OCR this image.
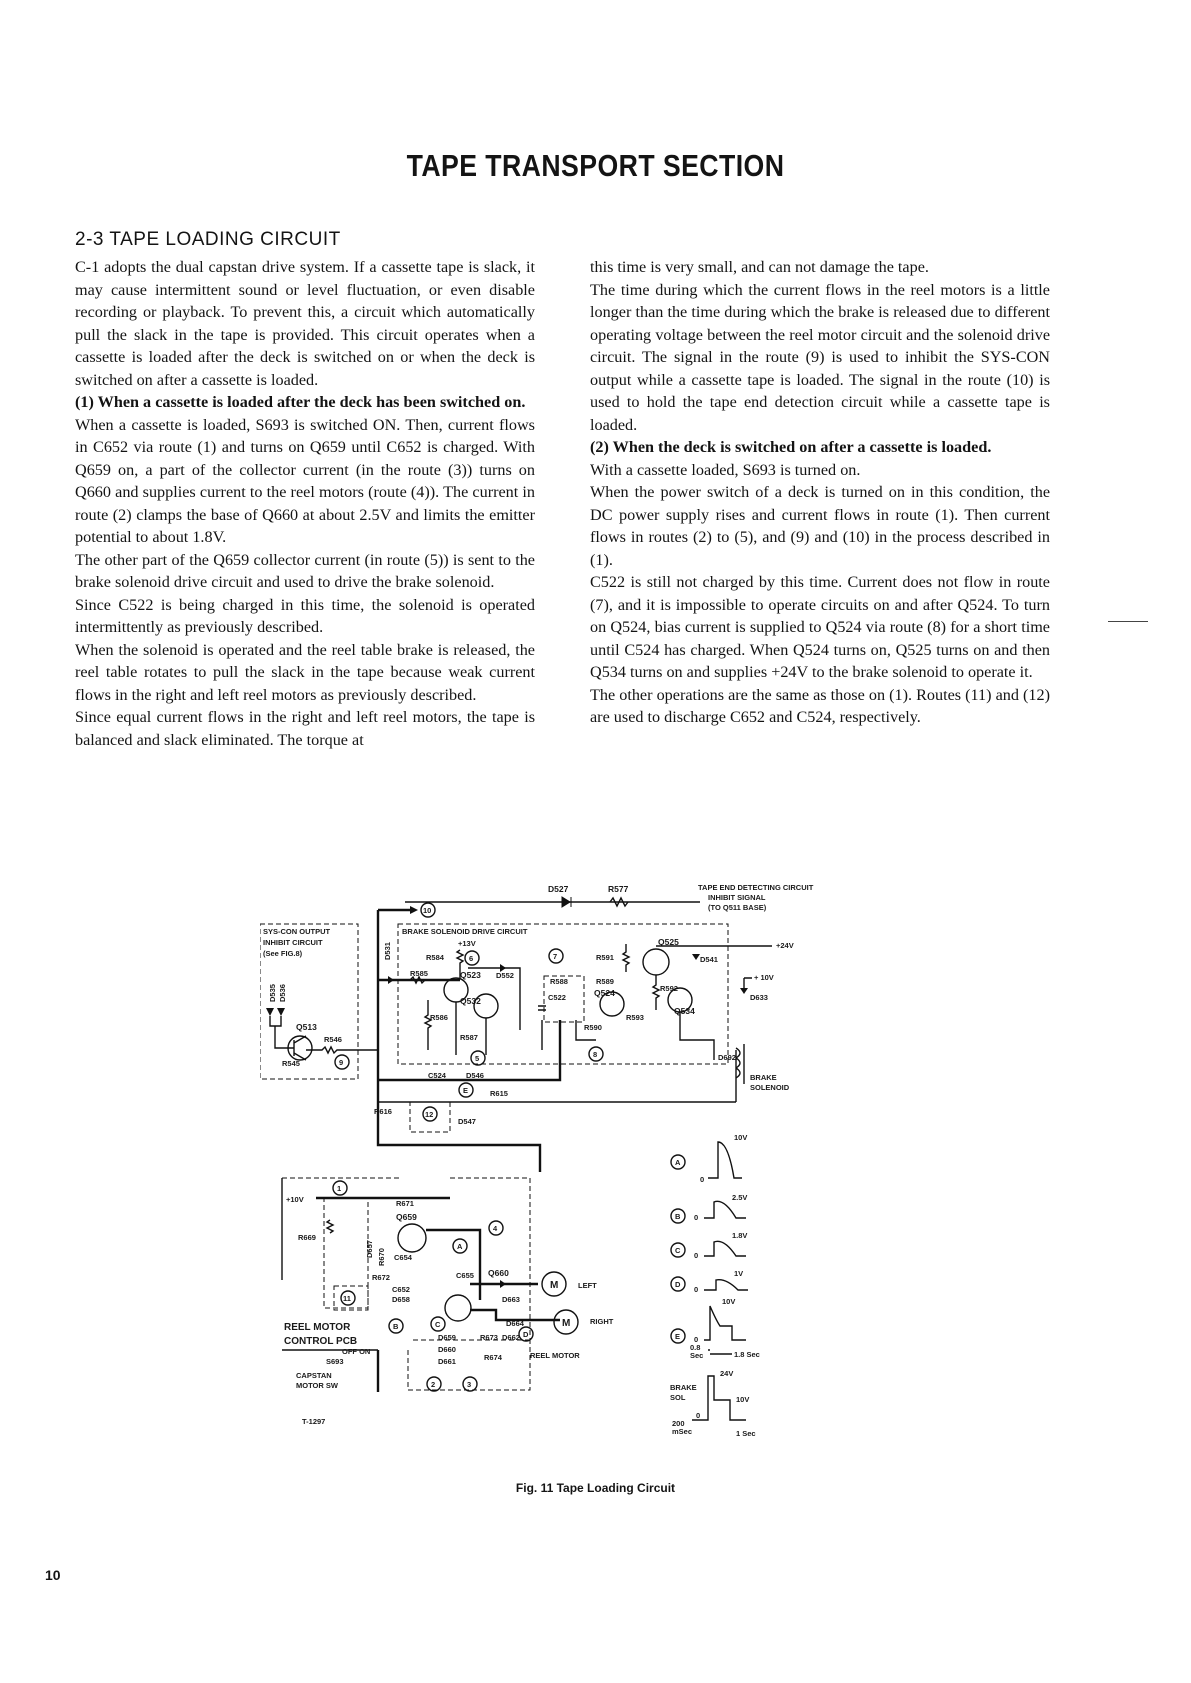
TAPE TRANSPORT SECTION
2-3 TAPE LOADING CIRCUIT

C-1 adopts the dual capstan drive system. If a cassette tape is slack, it may cause intermittent sound or level fluctuation, or even disable recording or playback. To prevent this, a circuit which automatically pull the slack in the tape is provided. This circuit operates when a cassette is loaded after the deck is switched on or when the deck is switched on after a cassette is loaded.

(1) When a cassette is loaded after the deck has been switched on.

When a cassette is loaded, S693 is switched ON. Then, current flows in C652 via route (1) and turns on Q659 until C652 is charged. With Q659 on, a part of the collector current (in the route (3)) turns on Q660 and supplies current to the reel motors (route (4)). The current in route (2) clamps the base of Q660 at about 2.5V and limits the emitter potential to about 1.8V.

The other part of the Q659 collector current (in route (5)) is sent to the brake solenoid drive circuit and used to drive the brake solenoid.

Since C522 is being charged in this time, the solenoid is operated intermittently as previously described.

When the solenoid is operated and the reel table brake is released, the reel table rotates to pull the slack in the tape because weak current flows in the right and left reel motors as previously described.

Since equal current flows in the right and left reel motors, the tape is balanced and slack eliminated. The torque at

this time is very small, and can not damage the tape.

The time during which the current flows in the reel motors is a little longer than the time during which the brake is released due to different operating voltage between the reel motor circuit and the solenoid drive circuit. The signal in the route (9) is used to inhibit the SYS-CON output while a cassette tape is loaded. The signal in the route (10) is used to hold the tape end detection circuit while a cassette tape is loaded.

(2) When the deck is switched on after a cassette is loaded.

With a cassette loaded, S693 is turned on.

When the power switch of a deck is turned on in this condition, the DC power supply rises and current flows in route (1). Then current flows in routes (2) to (5), and (9) and (10) in the process described in (1).

C522 is still not charged by this time. Current does not flow in route (7), and it is impossible to operate circuits on and after Q524. To turn on Q524, bias current is supplied to Q524 via route (8) for a short time until C524 has charged. When Q524 turns on, Q525 turns on and then Q534 turns on and supplies +24V to the brake solenoid to operate it.

The other operations are the same as those on (1). Routes (11) and (12) are used to discharge C652 and C524, respectively.

D527	R577	TAPE END DETECTING CIRCUIT
INHIBIT SIGNAL
(TO Q511 BASE)
10
SYS-CON OUTPUT
INHIBIT CIRCUIT
(See FIG.8)
D535 D536
Q513
R546
R545	9
BRAKE SOLENOID DRIVE CIRCUIT
+13V
R584	6
D531
R585	Q523 D552
Q532
R586
R587
5
7
R588
C522
R591
R589
Q524
R590
8
Q525
D541
R592
Q534
R593
+24V
+ 10V
D633
D692
BRAKE
SOLENOID
C524	D546
E	R615
R616	12
D547
+10V
1
R669
R671
Q659
D657 R670 C654
A
4
R672
C652
D658
11
B
REEL MOTOR
CONTROL PCB
C655 Q660
D663
M	LEFT
M	RIGHT
C	D664
D
R673 D662
D659
D660
D661	R674	REEL MOTOR
OFF ON
S693
CAPSTAN
MOTOR SW	2	3
T-1297
A
0
10V
B 0
2.5V
C
0
1.8V
D
0
1V
E 0
10V
0.8
Sec	1.8 Sec
BRAKE
SOL
24V
10V
0
200
mSec	1 Sec
Fig. 11 Tape Loading Circuit
10
